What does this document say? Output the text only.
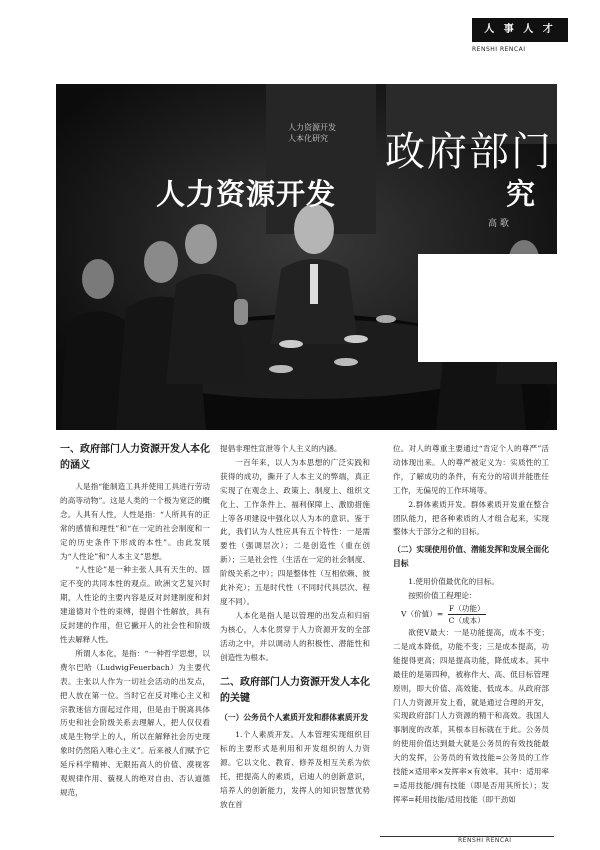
人 事 人 才
RENSHI RENCAI
人力资源开发
人本化研究 政府部门
人力资源开发	究
高 歌

一、政府部门人力资源开发人本化的涵义

人是指“能制造工具并使用工具进行劳动的高等动物”。这是人类的一个极为宽泛的概念。人具有人性，人性是指：“人所具有的正常的感情和理性”和“在一定的社会制度和一定的历史条件下形成的本性”。由此发展为“人性论”和“人本主义”思想。

“人性论”是一种主张人具有天生的、固定不变的共同本性的观点。欧洲文艺复兴时期，人性论的主要内容是反对封建制度和封建道德对个性的束缚，提倡个性解放，具有反封建的作用，但它撇开人的社会性和阶级性去解释人性。

所谓人本化，是指：“一种哲学思想，以费尔巴哈（LudwigFeuerbach）为主要代表。主张以人作为一切社会活动的出发点，把人放在第一位。当时它在反对唯心主义和宗教迷信方面起过作用，但是由于脱离具体历史和社会阶级关系去理解人，把人仅仅看成是生物学上的人，所以在解释社会历史现象时仍然陷入唯心主义”。后来被人们赋予它延斥科学精神、无限拓高人的价值、漠视客观规律作用、藐视人的绝对自由、否认道德规范，

提倡非理性宣泄等个人主义的内涵。

一百年来，以人为本思想的广泛实践和获得的成功，撕开了人本主义的弊端，真正实现了在观念上、政策上、制度上、组织文化上、工作条件上、福利保障上、激励措施上等各项建设中强化以人为本的意识。鉴于此，我们认为人性应具有五个特性：一是需要性（强调层次）；二是创造性（重在创新）；三是社会性（生活在一定的社会制度、阶级关系之中）；四是整体性（互相依赖、彼此补充）；五是时代性（不同时代具层次、程度不同）。

人本化是指人是以管理的出发点和归宿为核心，人本化贯穿于人力资源开发的全部活动之中，并以调动人的积极性、潜能性和创造性为根本。

二、政府部门人力资源开发人本化的关键

（一）公务员个人素质开发和群体素质开发

1.个人素质开发。人本管理实现组织目标的主要形式是利用和开发组织的人力资源。它以文化、教育、修养及相互关系为依托，把提高人的素质，启迪人的创新意识，培养人的创新能力，发挥人的知识智慧优势放在首

位。对人的尊重主要通过“肯定个人的尊严”活动体现出来。人的尊严被定义为：实质性的工作，了解成功的条件，有充分的培训并能胜任工作，无偏见的工作环境等。

2.群体素质开发。群体素质开发重在整合团队能力，把各种素质的人才组合起来，实现整体大于部分之和的目标。

（二）实现使用价值、潜能发挥和发展全面化目标

1.使用价值最优化的目标。

按照价值工程理论：

V（价值）= $\frac{\text{F（功能）}}{\text{C（成本）}}$

欲使V最大：一是功能提高，成本不变；二是成本降低，功能不变；三是成本提高，功能提得更高；四是提高功能，降低成本。其中最佳的是第四种，被称作大、高、低目标管理原则，即大价值、高效能、低成本。从政府部门人力资源开发上看，就是通过合理的开发，实现政府部门人力资源的精干和高效。我国人事制度的改革，其根本目标就在于此。公务员的使用价值达到最大就是公务员的有效技能最大的发挥，公务员的有效技能=公务员的工作技能×适用率×发挥率×有效率。其中：适用率=适用技能/拥有技能（即是否用其所长）；发挥率=耗用技能/适用技能（即干劲如

RENSHI RENCAI
